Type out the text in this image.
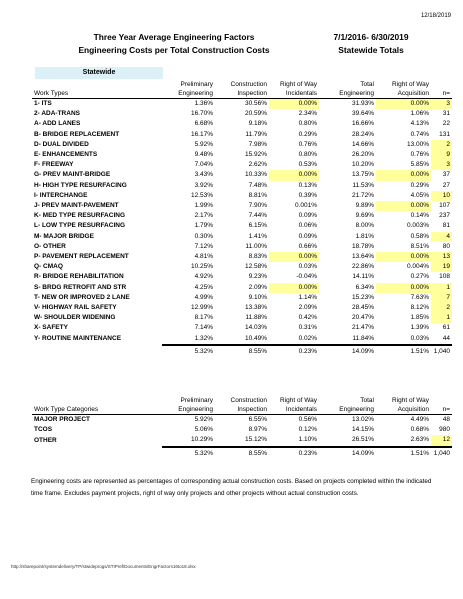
12/18/2019
Three Year Average Engineering Factors
Engineering Costs per Total Construction Costs
7/1/2016- 6/30/2019
Statewide Totals
Statewide
	Preliminary	Construction	Right of Way	Total	Right of Way	
Work Types	Engineering	Inspection	Incidentals	Engineering	Acquisition	n=
1- ITS	1.36%	30.56%	0.00%	31.93%	0.00%	3
2- ADA-TRANS	16.70%	20.59%	2.34%	39.64%	1.06%	31
A- ADD LANES	6.68%	9.18%	0.80%	16.66%	4.13%	22
B- BRIDGE REPLACEMENT	16.17%	11.79%	0.29%	28.24%	0.74%	131
D- DUAL DIVIDED	5.92%	7.98%	0.76%	14.66%	13.00%	2
E- ENHANCEMENTS	9.48%	15.92%	0.80%	26.20%	0.76%	9
F- FREEWAY	7.04%	2.62%	0.53%	10.20%	5.85%	3
G- PREV MAINT-BRIDGE	3.43%	10.33%	0.00%	13.75%	0.00%	37
H- HIGH TYPE RESURFACING	3.92%	7.48%	0.13%	11.53%	0.29%	27
I- INTERCHANGE	12.53%	8.81%	0.39%	21.72%	4.05%	10
J- PREV MAINT-PAVEMENT	1.99%	7.90%	0.001%	9.89%	0.00%	107
K- MED TYPE RESURFACING	2.17%	7.44%	0.09%	9.69%	0.14%	237
L- LOW TYPE RESURFACING	1.79%	6.15%	0.06%	8.00%	0.003%	81
M- MAJOR BRIDGE	0.30%	1.41%	0.09%	1.81%	0.58%	4
O- OTHER	7.12%	11.00%	0.66%	18.78%	8.51%	80
P- PAVEMENT REPLACEMENT	4.81%	8.83%	0.00%	13.64%	0.00%	13
Q- CMAQ	10.25%	12.58%	0.03%	22.86%	0.004%	19
R- BRIDGE REHABILITATION	4.92%	9.23%	-0.04%	14.11%	0.27%	108
S- BRDG RETROFIT AND STR	4.25%	2.09%	0.00%	6.34%	0.00%	1
T- NEW OR IMPROVED 2 LANE	4.99%	9.10%	1.14%	15.23%	7.63%	7
V- HIGHWAY RAIL SAFETY	12.99%	13.38%	2.09%	28.45%	8.12%	2
W- SHOULDER WIDENING	8.17%	11.88%	0.42%	20.47%	1.85%	1
X- SAFETY	7.14%	14.03%	0.31%	21.47%	1.39%	61
Y- ROUTINE MAINTENANCE	1.32%	10.49%	0.02%	11.84%	0.03%	44
	5.32%	8.55%	0.23%	14.09%	1.51%	1,040
	Preliminary	Construction	Right of Way	Total	Right of Way	
Work Type Categories	Engineering	Inspection	Incidentals	Engineering	Acquisition	n=
MAJOR PROJECT	5.92%	6.55%	0.56%	13.02%	4.49%	48
TCOS	5.06%	8.97%	0.12%	14.15%	0.68%	980
OTHER	10.29%	15.12%	1.10%	26.51%	2.63%	12
	5.32%	8.55%	0.23%	14.09%	1.51%	1,040
Engineering costs are represented as percentages of corresponding actual construction costs. Based on projects completed within the indicated time frame. Excludes payment projects, right of way only projects and other projects without actual construction costs.
http://sharepoint/systemdelivery/TP/stwideprogs/STIPref/Documents/EngrFactors16to18.xlsx
